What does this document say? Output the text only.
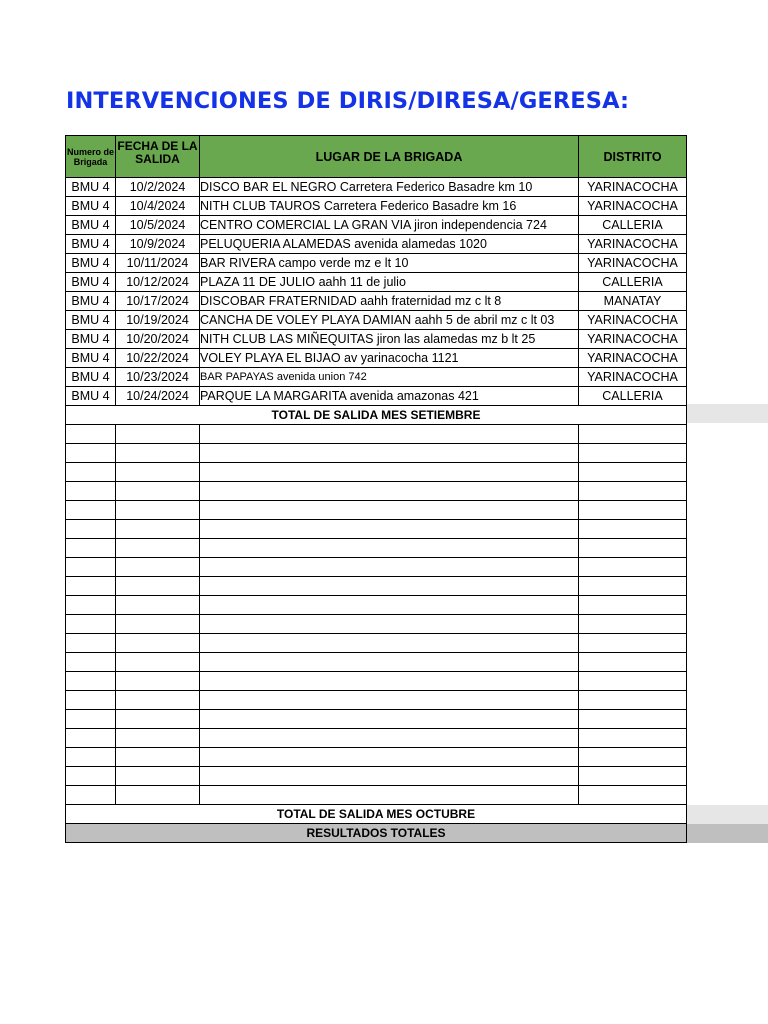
INTERVENCIONES DE DIRIS/DIRESA/GERESA:
Numero de Brigada	FECHA DE LA SALIDA	LUGAR DE LA BRIGADA	DISTRITO
BMU 4	10/2/2024	DISCO BAR EL NEGRO Carretera Federico Basadre km 10	YARINACOCHA
BMU 4	10/4/2024	NITH CLUB TAUROS Carretera Federico Basadre km 16	YARINACOCHA
BMU 4	10/5/2024	CENTRO COMERCIAL LA GRAN VIA jiron independencia 724	CALLERIA
BMU 4	10/9/2024	PELUQUERIA ALAMEDAS avenida alamedas 1020	YARINACOCHA
BMU 4	10/11/2024	BAR RIVERA campo verde mz e lt 10	YARINACOCHA
BMU 4	10/12/2024	PLAZA 11 DE JULIO aahh 11 de julio	CALLERIA
BMU 4	10/17/2024	DISCOBAR FRATERNIDAD aahh fraternidad mz c lt 8	MANATAY
BMU 4	10/19/2024	CANCHA DE VOLEY PLAYA DAMIAN aahh 5 de abril mz c lt 03	YARINACOCHA
BMU 4	10/20/2024	NITH CLUB LAS MIÑEQUITAS jiron las alamedas mz b lt 25	YARINACOCHA
BMU 4	10/22/2024	VOLEY PLAYA EL BIJAO av yarinacocha 1121	YARINACOCHA
BMU 4	10/23/2024	BAR PAPAYAS avenida union 742	YARINACOCHA
BMU 4	10/24/2024	PARQUE LA MARGARITA avenida amazonas 421	CALLERIA
TOTAL DE SALIDA MES SETIEMBRE			

TOTAL DE SALIDA MES OCTUBRE			
RESULTADOS TOTALES			
